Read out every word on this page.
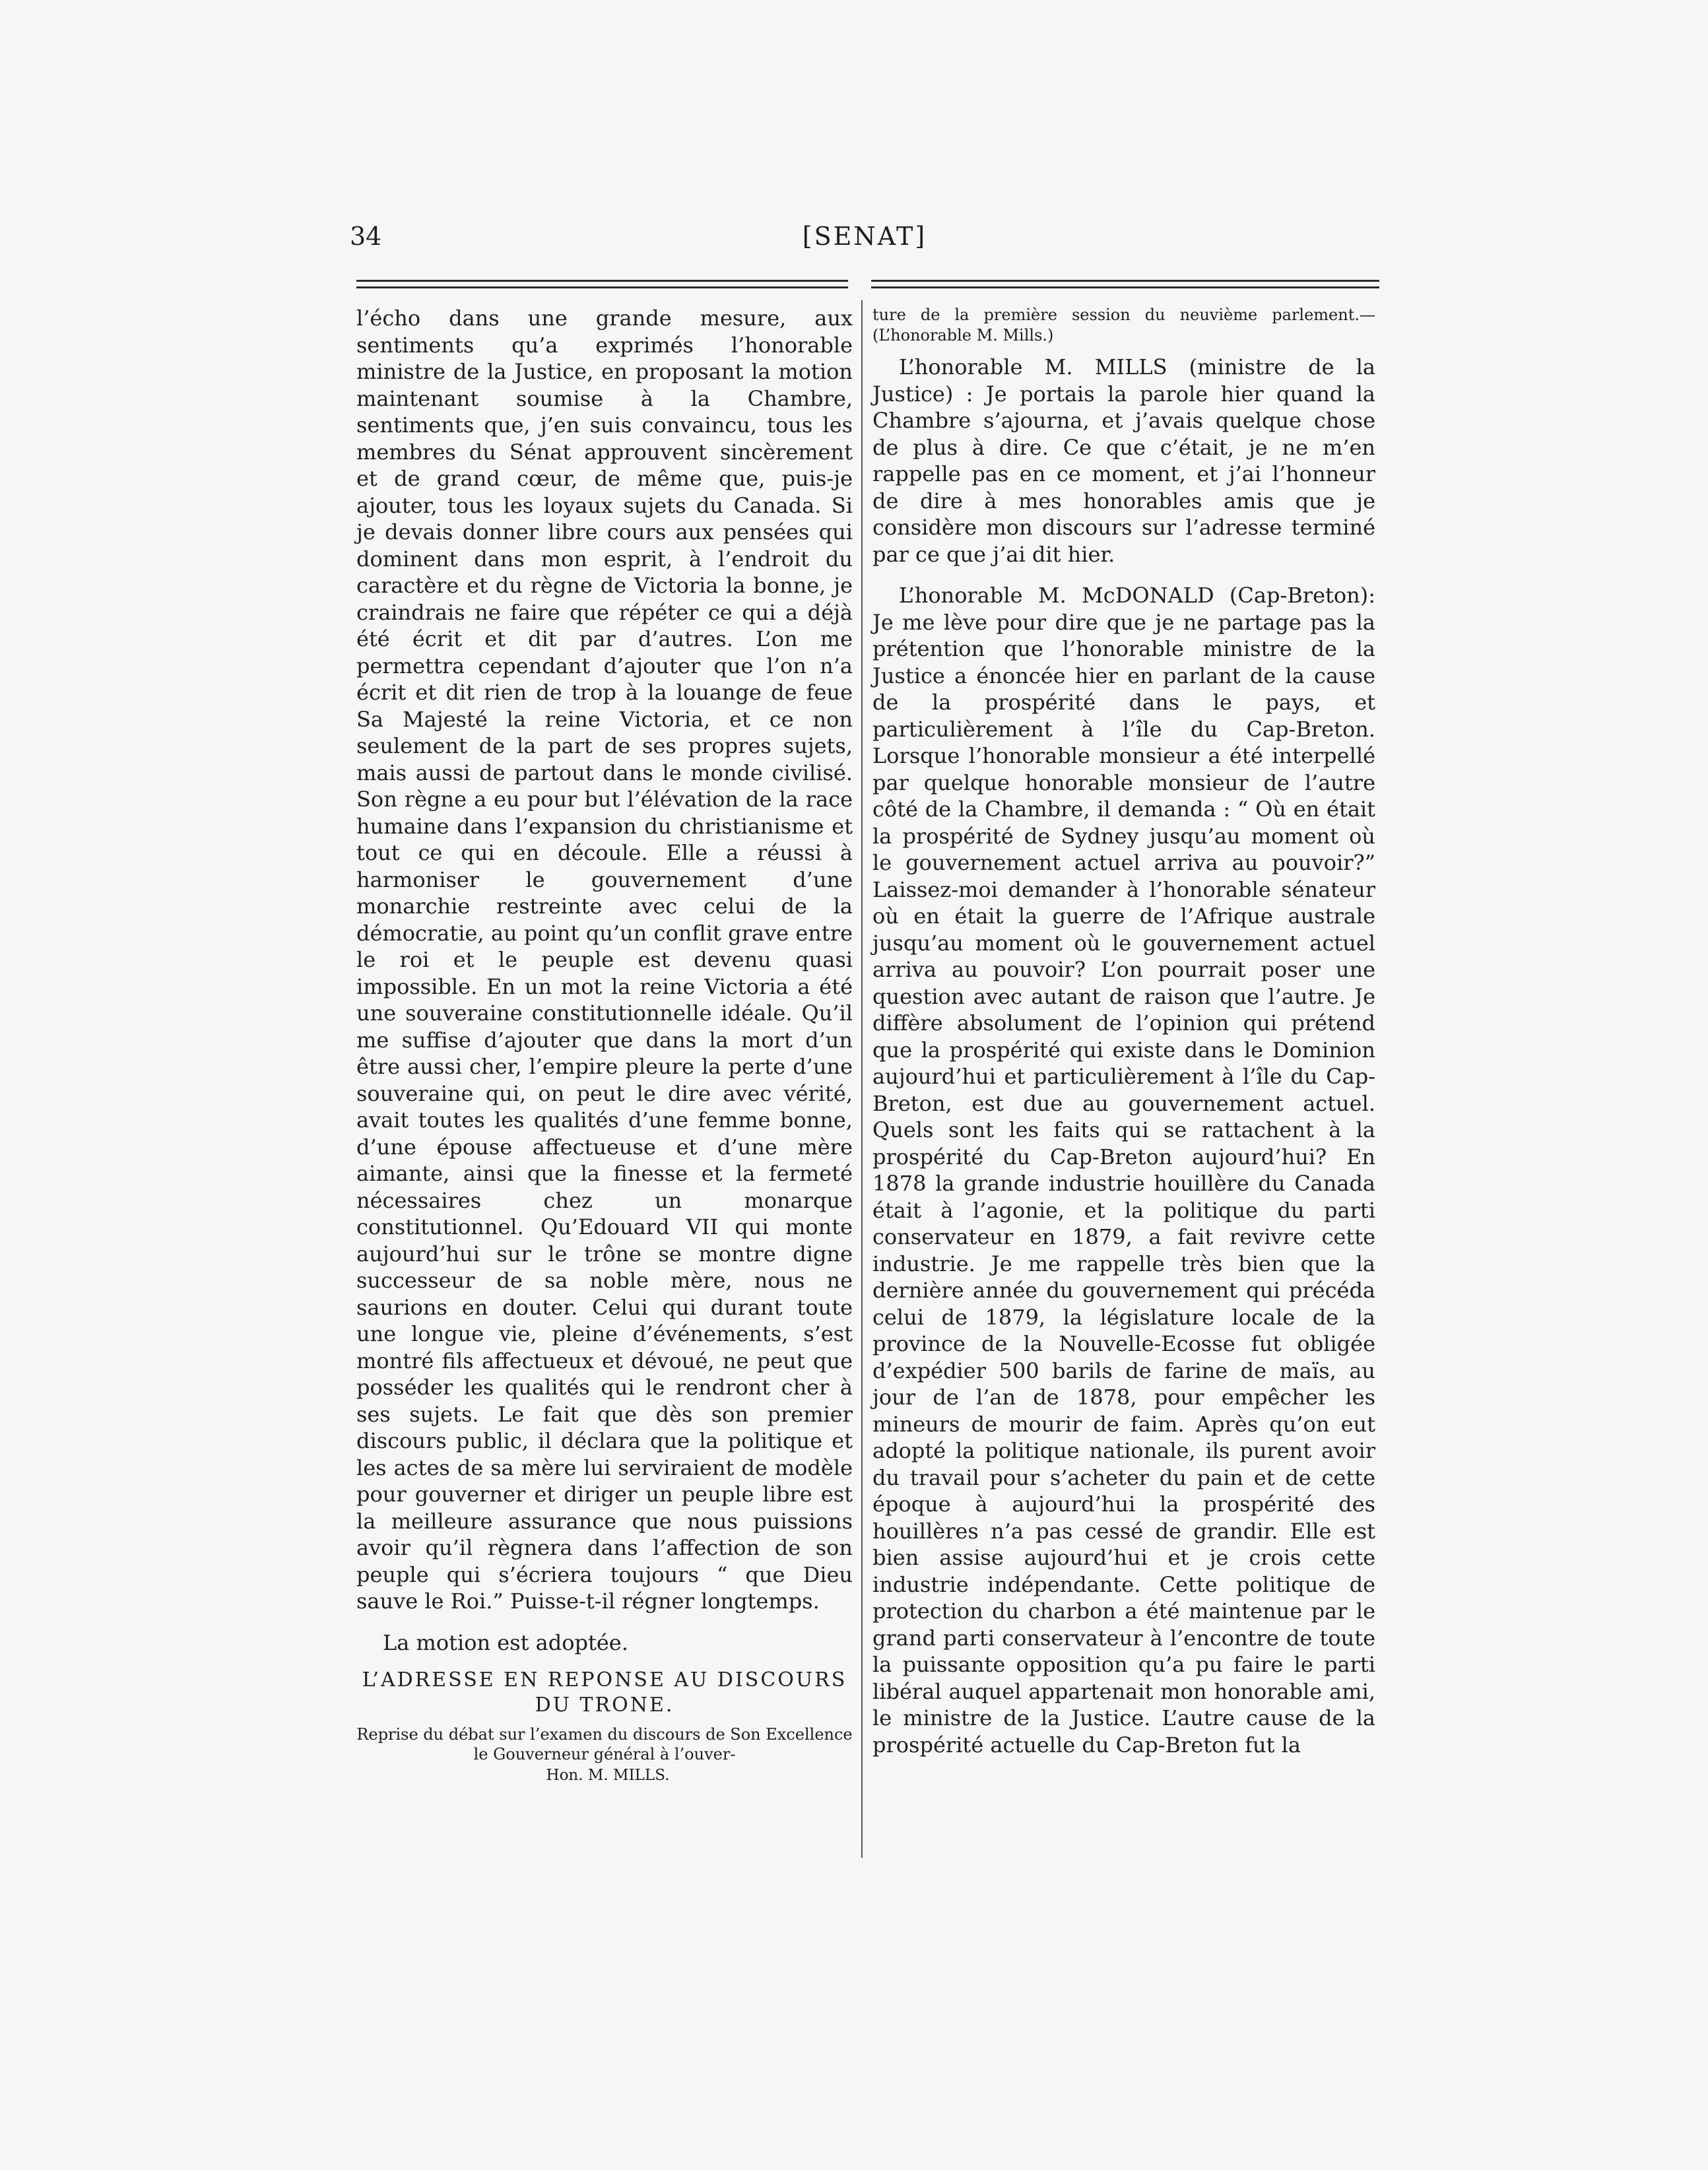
34	[SENAT]

l’écho dans une grande mesure, aux sentiments qu’a exprimés l’honorable ministre de la Justice, en proposant la motion maintenant soumise à la Chambre, sentiments que, j’en suis convaincu, tous les membres du Sénat approuvent sincèrement et de grand cœur, de même que, puis-je ajouter, tous les loyaux sujets du Canada. Si je devais donner libre cours aux pensées qui dominent dans mon esprit, à l’endroit du caractère et du règne de Victoria la bonne, je craindrais ne faire que répéter ce qui a déjà été écrit et dit par d’autres. L’on me permettra cependant d’ajouter que l’on n’a écrit et dit rien de trop à la louange de feue Sa Majesté la reine Victoria, et ce non seulement de la part de ses propres sujets, mais aussi de partout dans le monde civilisé. Son règne a eu pour but l’élévation de la race humaine dans l’expansion du christianisme et tout ce qui en découle. Elle a réussi à harmoniser le gouvernement d’une monarchie restreinte avec celui de la démocratie, au point qu’un conflit grave entre le roi et le peuple est devenu quasi impossible. En un mot la reine Victoria a été une souveraine constitutionnelle idéale. Qu’il me suffise d’ajouter que dans la mort d’un être aussi cher, l’empire pleure la perte d’une souveraine qui, on peut le dire avec vérité, avait toutes les qualités d’une femme bonne, d’une épouse affectueuse et d’une mère aimante, ainsi que la finesse et la fermeté nécessaires chez un monarque constitutionnel. Qu’Edouard VII qui monte aujourd’hui sur le trône se montre digne successeur de sa noble mère, nous ne saurions en douter. Celui qui durant toute une longue vie, pleine d’événements, s’est montré fils affectueux et dévoué, ne peut que posséder les qualités qui le rendront cher à ses sujets. Le fait que dès son premier discours public, il déclara que la politique et les actes de sa mère lui serviraient de modèle pour gouverner et diriger un peuple libre est la meilleure assurance que nous puissions avoir qu’il règnera dans l’affection de son peuple qui s’écriera toujours “ que Dieu sauve le Roi.” Puisse-t-il régner longtemps.

La motion est adoptée.

L’ADRESSE EN REPONSE AU DISCOURS DU TRONE.

Reprise du débat sur l’examen du discours de Son Excellence le Gouverneur général à l’ouver-

Hon. M. MILLS.

ture de la première session du neuvième parlement.—(L’honorable M. Mills.)

L’honorable M. MILLS (ministre de la Justice) : Je portais la parole hier quand la Chambre s’ajourna, et j’avais quelque chose de plus à dire. Ce que c’était, je ne m’en rappelle pas en ce moment, et j’ai l’honneur de dire à mes honorables amis que je considère mon discours sur l’adresse terminé par ce que j’ai dit hier.

L’honorable M. McDONALD (Cap-Breton): Je me lève pour dire que je ne partage pas la prétention que l’honorable ministre de la Justice a énoncée hier en parlant de la cause de la prospérité dans le pays, et particulièrement à l’île du Cap-Breton. Lorsque l’honorable monsieur a été interpellé par quelque honorable monsieur de l’autre côté de la Chambre, il demanda : “ Où en était la prospérité de Sydney jusqu’au moment où le gouvernement actuel arriva au pouvoir?” Laissez-moi demander à l’honorable sénateur où en était la guerre de l’Afrique australe jusqu’au moment où le gouvernement actuel arriva au pouvoir? L’on pourrait poser une question avec autant de raison que l’autre. Je diffère absolument de l’opinion qui prétend que la prospérité qui existe dans le Dominion aujourd’hui et particulièrement à l’île du Cap-Breton, est due au gouvernement actuel. Quels sont les faits qui se rattachent à la prospérité du Cap-Breton aujourd’hui? En 1878 la grande industrie houillère du Canada était à l’agonie, et la politique du parti conservateur en 1879, a fait revivre cette industrie. Je me rappelle très bien que la dernière année du gouvernement qui précéda celui de 1879, la législature locale de la province de la Nouvelle-Ecosse fut obligée d’expédier 500 barils de farine de maïs, au jour de l’an de 1878, pour empêcher les mineurs de mourir de faim. Après qu’on eut adopté la politique nationale, ils purent avoir du travail pour s’acheter du pain et de cette époque à aujourd’hui la prospérité des houillères n’a pas cessé de grandir. Elle est bien assise aujourd’hui et je crois cette industrie indépendante. Cette politique de protection du charbon a été maintenue par le grand parti conservateur à l’encontre de toute la puissante opposition qu’a pu faire le parti libéral auquel appartenait mon honorable ami, le ministre de la Justice. L’autre cause de la prospérité actuelle du Cap-Breton fut la
